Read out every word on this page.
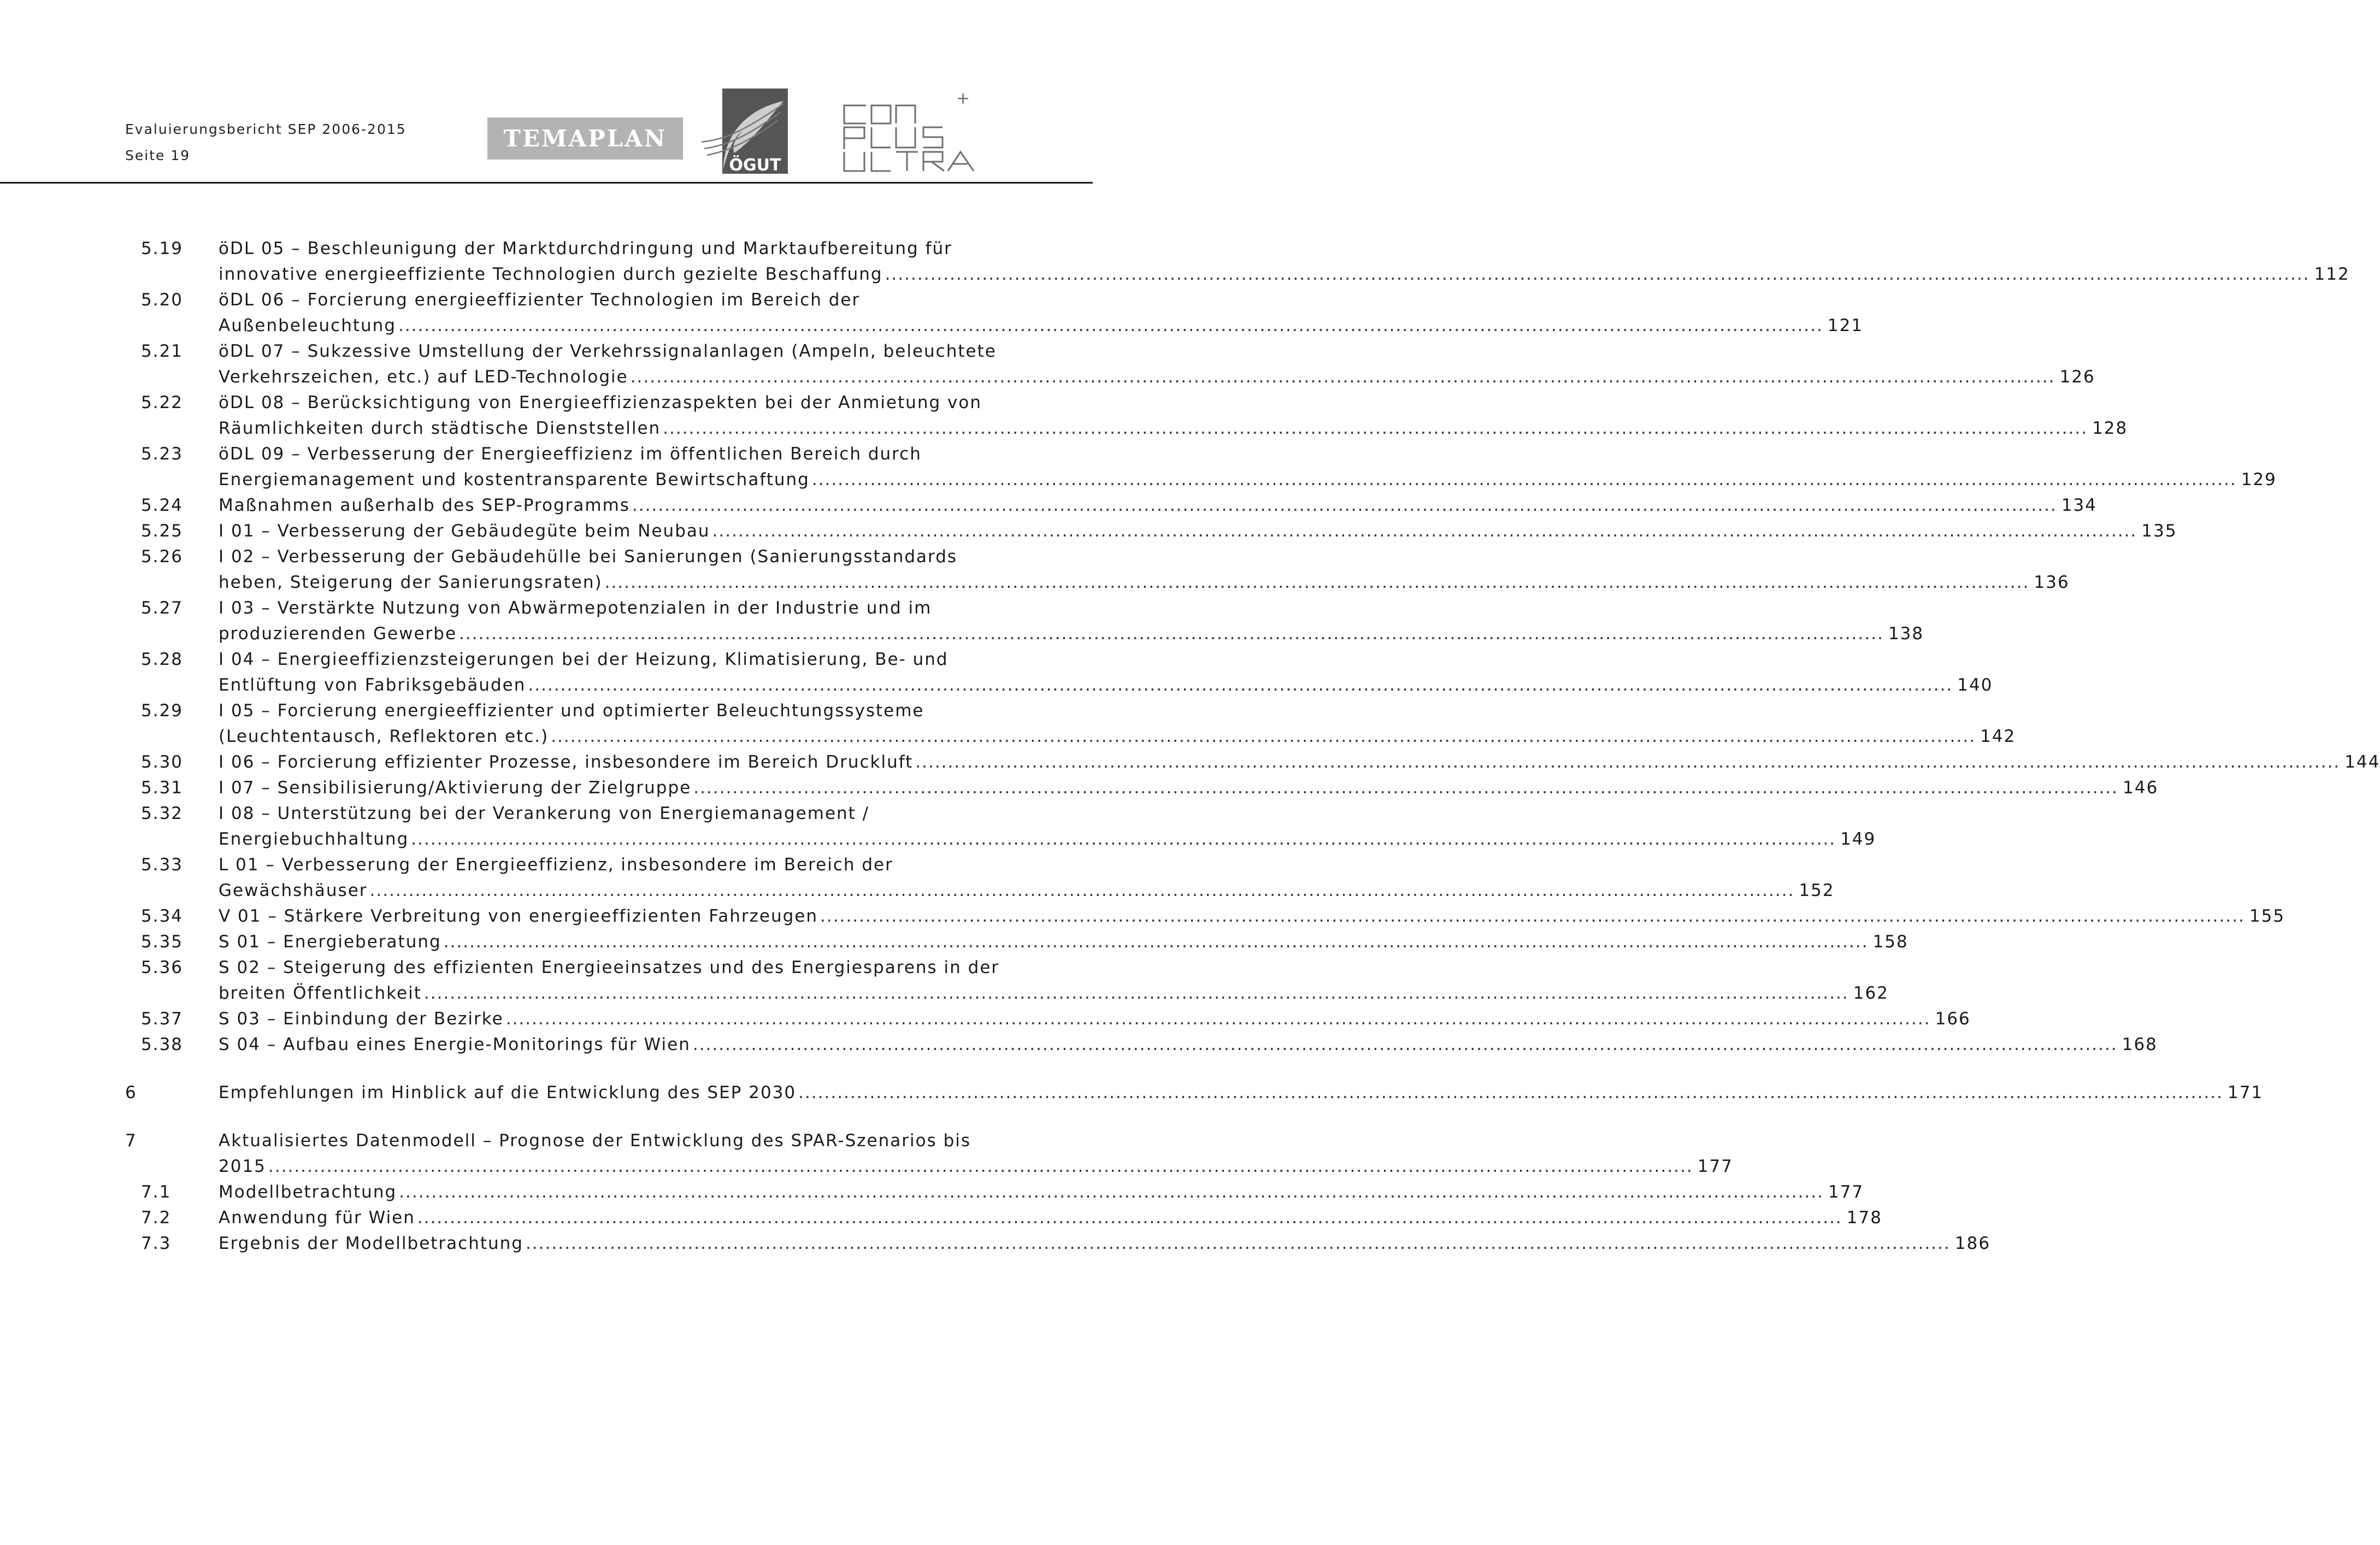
Evaluierungsbericht SEP 2006-2015
Seite 19
TEMAPLAN
ÖGUT
+
5.19 öDL 05 – Beschleunigung der Marktdurchdringung und Marktaufbereitung für
innovative energieeffiziente Technologien durch gezielte Beschaffung ............................................................................................................................................................................................................................ 112
5.20 öDL 06 – Forcierung energieeffizienter Technologien im Bereich der
Außenbeleuchtung ............................................................................................................................................................................................................................ 121
5.21 öDL 07 – Sukzessive Umstellung der Verkehrssignalanlagen (Ampeln, beleuchtete
Verkehrszeichen, etc.) auf LED-Technologie ............................................................................................................................................................................................................................ 126
5.22 öDL 08 – Berücksichtigung von Energieeffizienzaspekten bei der Anmietung von
Räumlichkeiten durch städtische Dienststellen ............................................................................................................................................................................................................................ 128
5.23 öDL 09 – Verbesserung der Energieeffizienz im öffentlichen Bereich durch
Energiemanagement und kostentransparente Bewirtschaftung ............................................................................................................................................................................................................................ 129
5.24 Maßnahmen außerhalb des SEP-Programms ............................................................................................................................................................................................................................ 134
5.25 I 01 – Verbesserung der Gebäudegüte beim Neubau ............................................................................................................................................................................................................................ 135
5.26 I 02 – Verbesserung der Gebäudehülle bei Sanierungen (Sanierungsstandards
heben, Steigerung der Sanierungsraten) ............................................................................................................................................................................................................................ 136
5.27 I 03 – Verstärkte Nutzung von Abwärmepotenzialen in der Industrie und im
produzierenden Gewerbe ............................................................................................................................................................................................................................ 138
5.28 I 04 – Energieeffizienzsteigerungen bei der Heizung, Klimatisierung, Be- und
Entlüftung von Fabriksgebäuden ............................................................................................................................................................................................................................ 140
5.29 I 05 – Forcierung energieeffizienter und optimierter Beleuchtungssysteme
(Leuchtentausch, Reflektoren etc.) ............................................................................................................................................................................................................................ 142
5.30 I 06 – Forcierung effizienter Prozesse, insbesondere im Bereich Druckluft ............................................................................................................................................................................................................................ 144
5.31 I 07 – Sensibilisierung/Aktivierung der Zielgruppe ............................................................................................................................................................................................................................ 146
5.32 I 08 – Unterstützung bei der Verankerung von Energiemanagement /
Energiebuchhaltung ............................................................................................................................................................................................................................ 149
5.33 L 01 – Verbesserung der Energieeffizienz, insbesondere im Bereich der
Gewächshäuser ............................................................................................................................................................................................................................ 152
5.34 V 01 – Stärkere Verbreitung von energieeffizienten Fahrzeugen ............................................................................................................................................................................................................................ 155
5.35 S 01 – Energieberatung ............................................................................................................................................................................................................................ 158
5.36 S 02 – Steigerung des effizienten Energieeinsatzes und des Energiesparens in der
breiten Öffentlichkeit ............................................................................................................................................................................................................................ 162
5.37 S 03 – Einbindung der Bezirke ............................................................................................................................................................................................................................ 166
5.38 S 04 – Aufbau eines Energie-Monitorings für Wien ............................................................................................................................................................................................................................ 168
6	Empfehlungen im Hinblick auf die Entwicklung des SEP 2030 ............................................................................................................................................................................................................................ 171
7	Aktualisiertes Datenmodell – Prognose der Entwicklung des SPAR-Szenarios bis
2015 ............................................................................................................................................................................................................................ 177
7.1	Modellbetrachtung ............................................................................................................................................................................................................................ 177
7.2	Anwendung für Wien ............................................................................................................................................................................................................................ 178
7.3	Ergebnis der Modellbetrachtung ............................................................................................................................................................................................................................ 186
